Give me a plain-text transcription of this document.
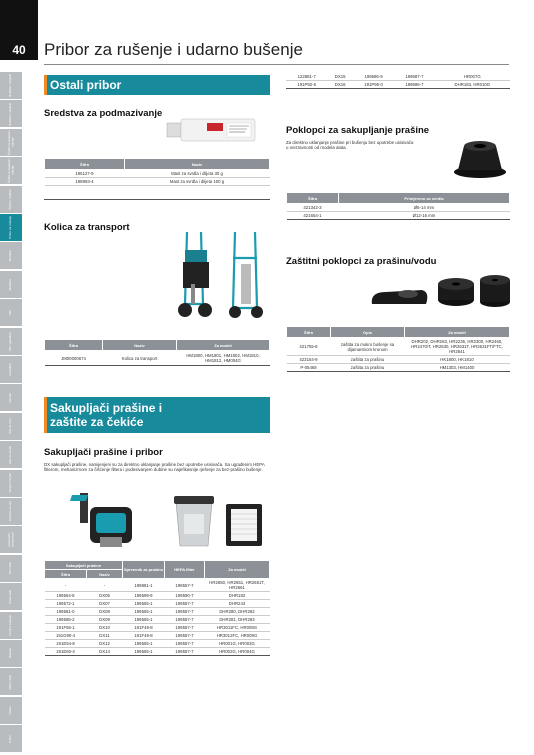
40	Pribor za rušenje i udarno bušenje
Bušilice i odvijači
Bušilice i odvijači
Čekići za bušenje i rušenje
Čekići za bušenje i rušenje
Čekići i bušilice
Pribor za rušenje
Brusilice
Brusilice
Pile
Pile i glodalice
Glodalice
Rendei
Pile za drvo
Alati za metal
Strojevi za pile
Oprema za rad
Usisavači i kompresori
Vrtni alati
Ostali alati
Punjive baterije
Baterije
Mjerni alati
Ostalo
Pribor
Ostali pribor
Sredstva za podmazivanje
Šifra	Naziv
195127-9	Mast za svrdla i dlijeta 30 g
198993-4	Mast za svrdla i dlijeta 100 g
Kolica za transport
Šifra	Naziv	Za model
JM00000674	Kolica za transport	HM1800, HM1801, HM1802, HM1810, HM1812, HM004G
Sakupljači prašine i
zaštite za čekiće
Sakupljači prašine i pribor
DX sakupljači prašine, namijenjeni su za direktno uklanjanje prašine bez upotrebe usisivača. Sa ugrađenim HEPA filterom, mehanizmom za čišćenje filtera i podesivanjem dubine su najefikasnije rješenje za bez-prašino bušenje.
Sakupljači prašine		Spremnik za prašinu	HEPA filter	Za model
Šifra	Naziv			
-	-	199881-1	199557-7	HR2650, HR2651, HR2651T, HR2661
199564-8	DX05	199599-9	199590-7	DHR182
199572-1	DX07	199555-1	199557-7	DHR243
199581-0	DX08	199555-1	199557-7	DHR280, DHR282
199585-2	DX09	199555-1	199557-7	DHR281, DHR283
191F56-1	DX10	191F49-8	199557-7	HR3011FC, HR008G
191G90-4	DX11	191F49-8	199557-7	HR3012FC, HR009G
191E54-8	DX12	199555-1	199557-7	HR001G, HR003G
191E60-4	DX14	199555-1	199557-7	HR002G, HR004G
122881-7	DX15	199586-9	199587-7	HR007G
191P92-6	DX16	191P95-0	199596-7	DHR183, HR010G
Poklopci za sakupljanje prašine
Za direktno uklanjanje prašine pri bušenju bez upotrebe usisivača u neizravnosti od modela alata.
Šifra	Primjereno za svrdla
421342-3	Ø6-14 mm
421654-1	Ø12-16 mm
Zaštitni poklopci za prašinu/vodu
Šifra	Opis	Za model
421755-8	zaštita za mokro bušenje sa dijamantnom krunom	DHR202, DHR263, HR2236, HR2300, HR2460, HR2470/T, HR2630, HR2631T, HR2631FT/FTC, HR2641
423154-9	zaštita za prašinu	HK1800, HK1810
P-05468	zaštita za prašinu	HM1303, HM1400
